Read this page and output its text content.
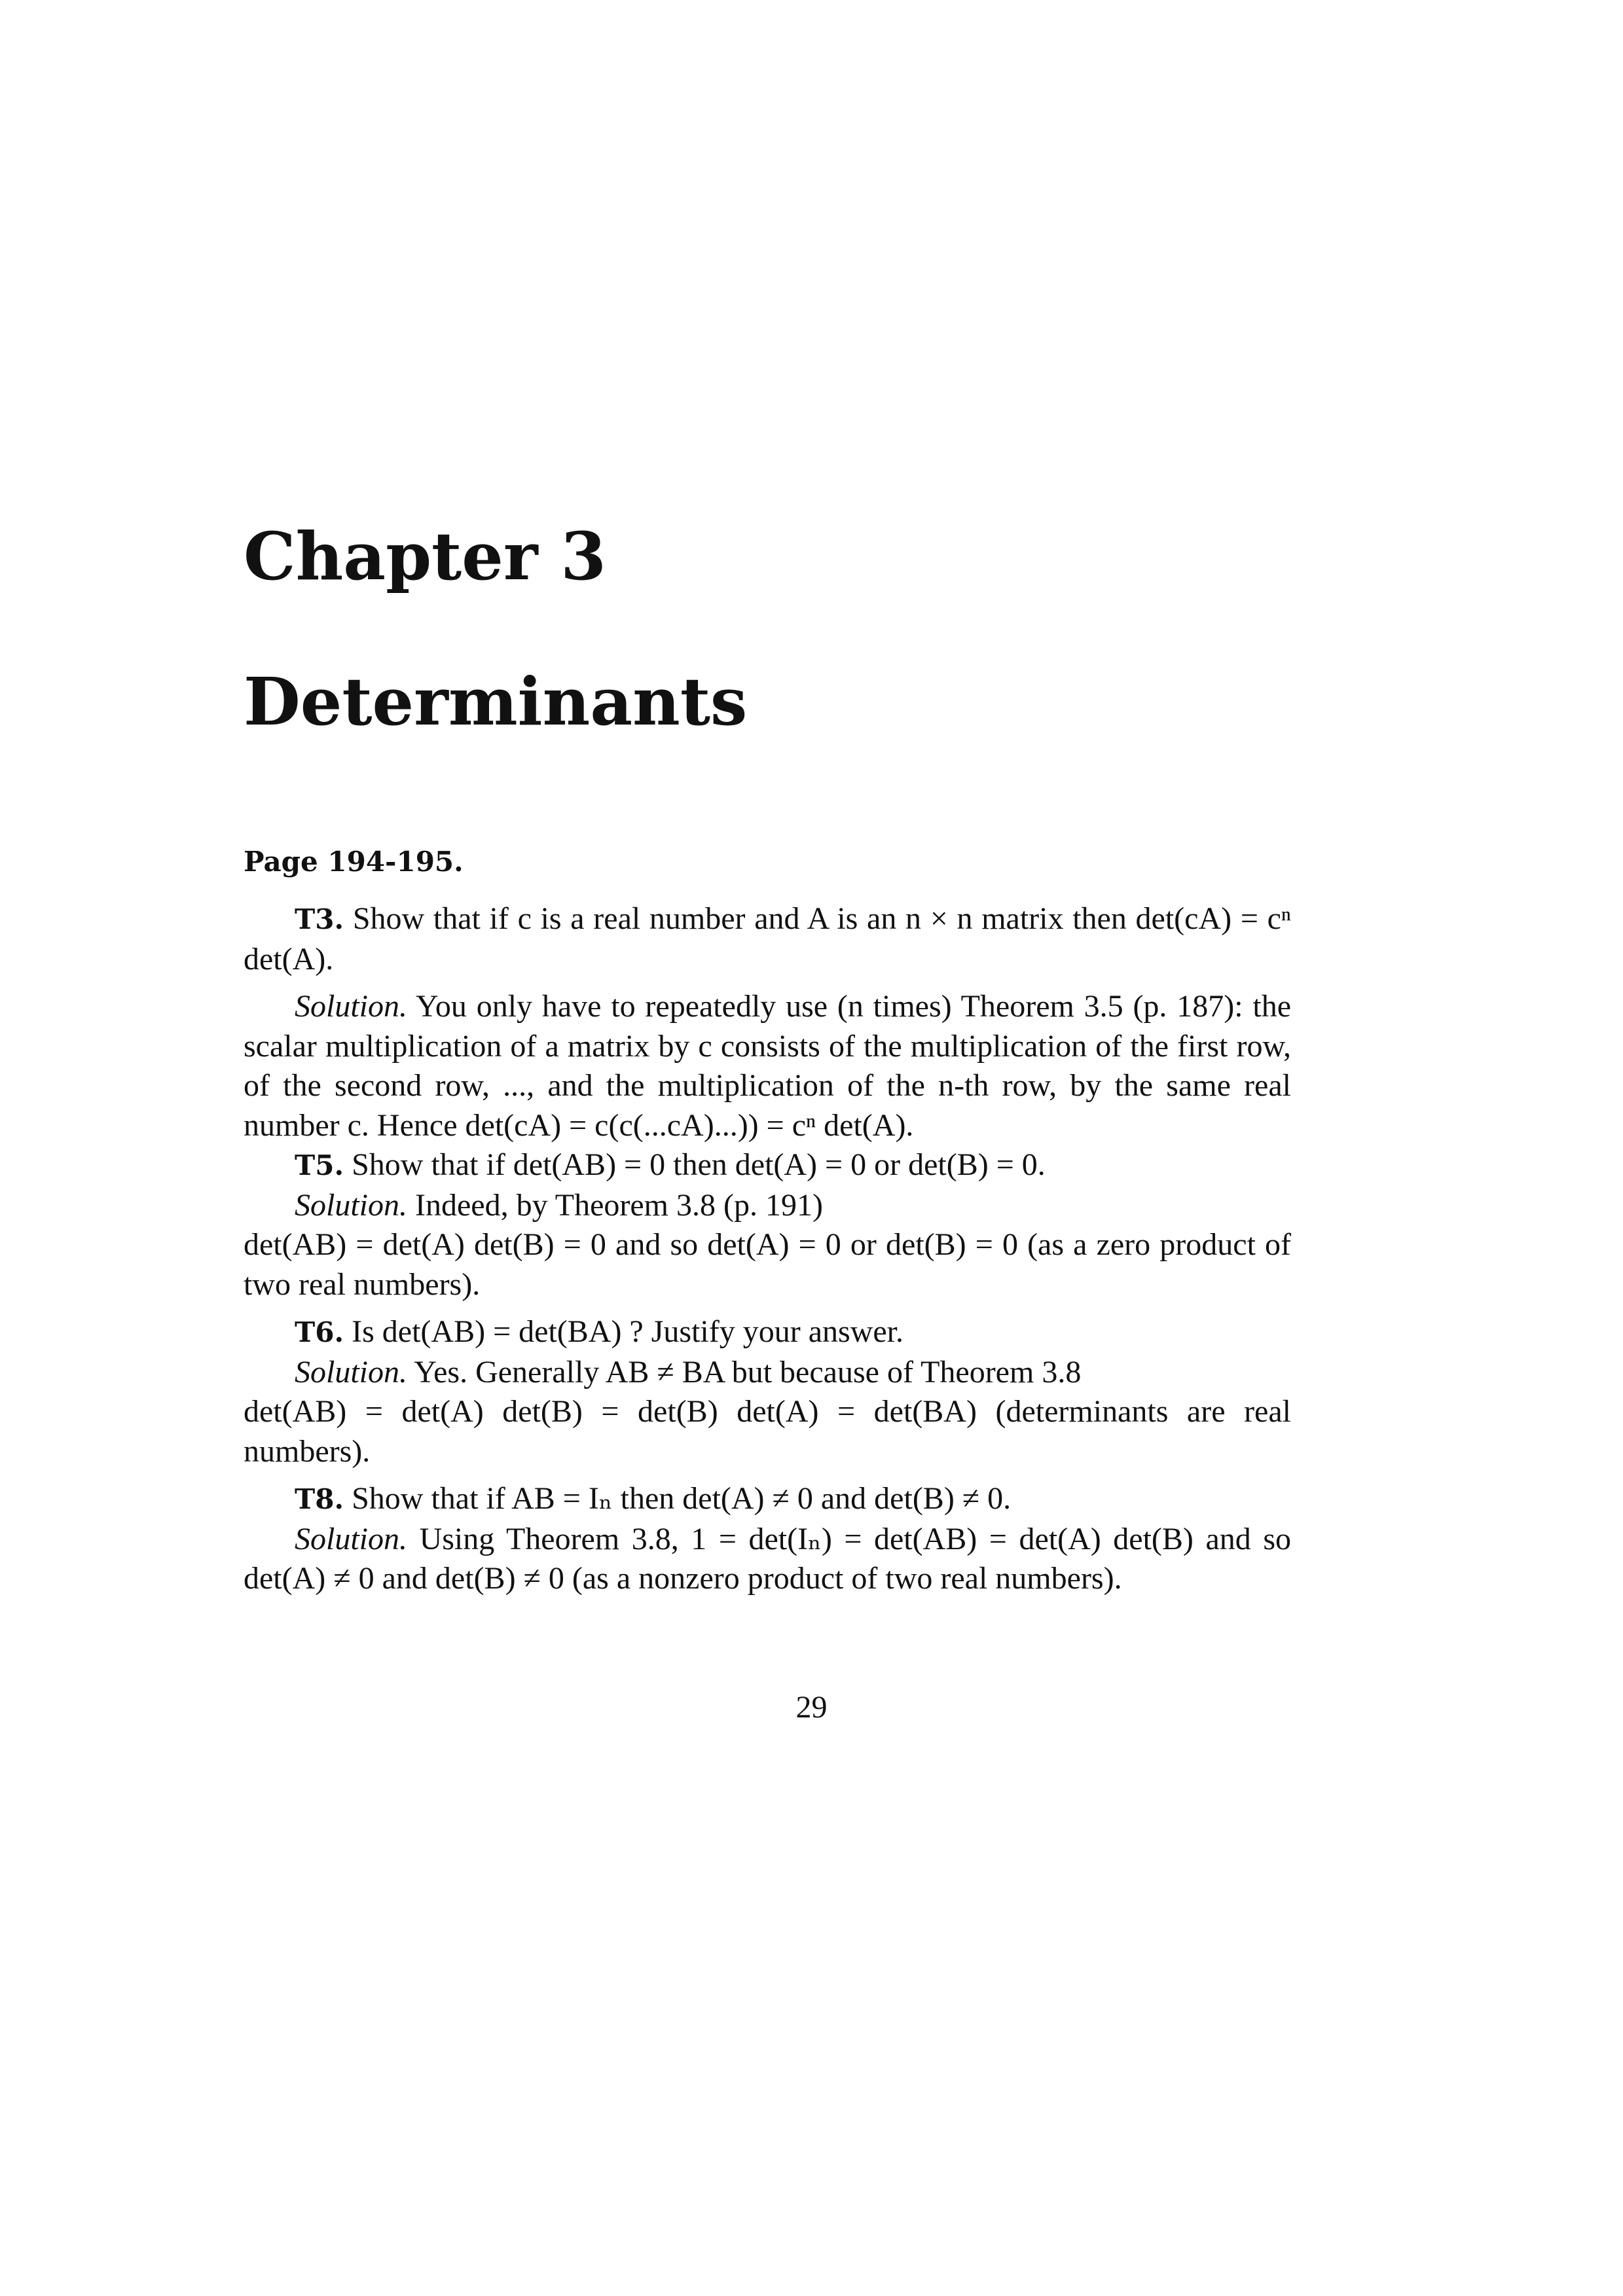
Chapter 3
Determinants
Page 194-195.

T3. Show that if c is a real number and A is an n × n matrix then det(cA) = cⁿ det(A).

Solution. You only have to repeatedly use (n times) Theorem 3.5 (p. 187): the scalar multiplication of a matrix by c consists of the multiplication of the first row, of the second row, ..., and the multiplication of the n-th row, by the same real number c. Hence det(cA) = c(c(...cA)...)) = cⁿ det(A).

T5. Show that if det(AB) = 0 then det(A) = 0 or det(B) = 0.

Solution. Indeed, by Theorem 3.8 (p. 191)

det(AB) = det(A) det(B) = 0 and so det(A) = 0 or det(B) = 0 (as a zero product of two real numbers).

T6. Is det(AB) = det(BA) ? Justify your answer.

Solution. Yes. Generally AB ≠ BA but because of Theorem 3.8

det(AB) = det(A) det(B) = det(B) det(A) = det(BA) (determinants are real numbers).

T8. Show that if AB = Iₙ then det(A) ≠ 0 and det(B) ≠ 0.

Solution. Using Theorem 3.8, 1 = det(Iₙ) = det(AB) = det(A) det(B) and so det(A) ≠ 0 and det(B) ≠ 0 (as a nonzero product of two real numbers).

29
